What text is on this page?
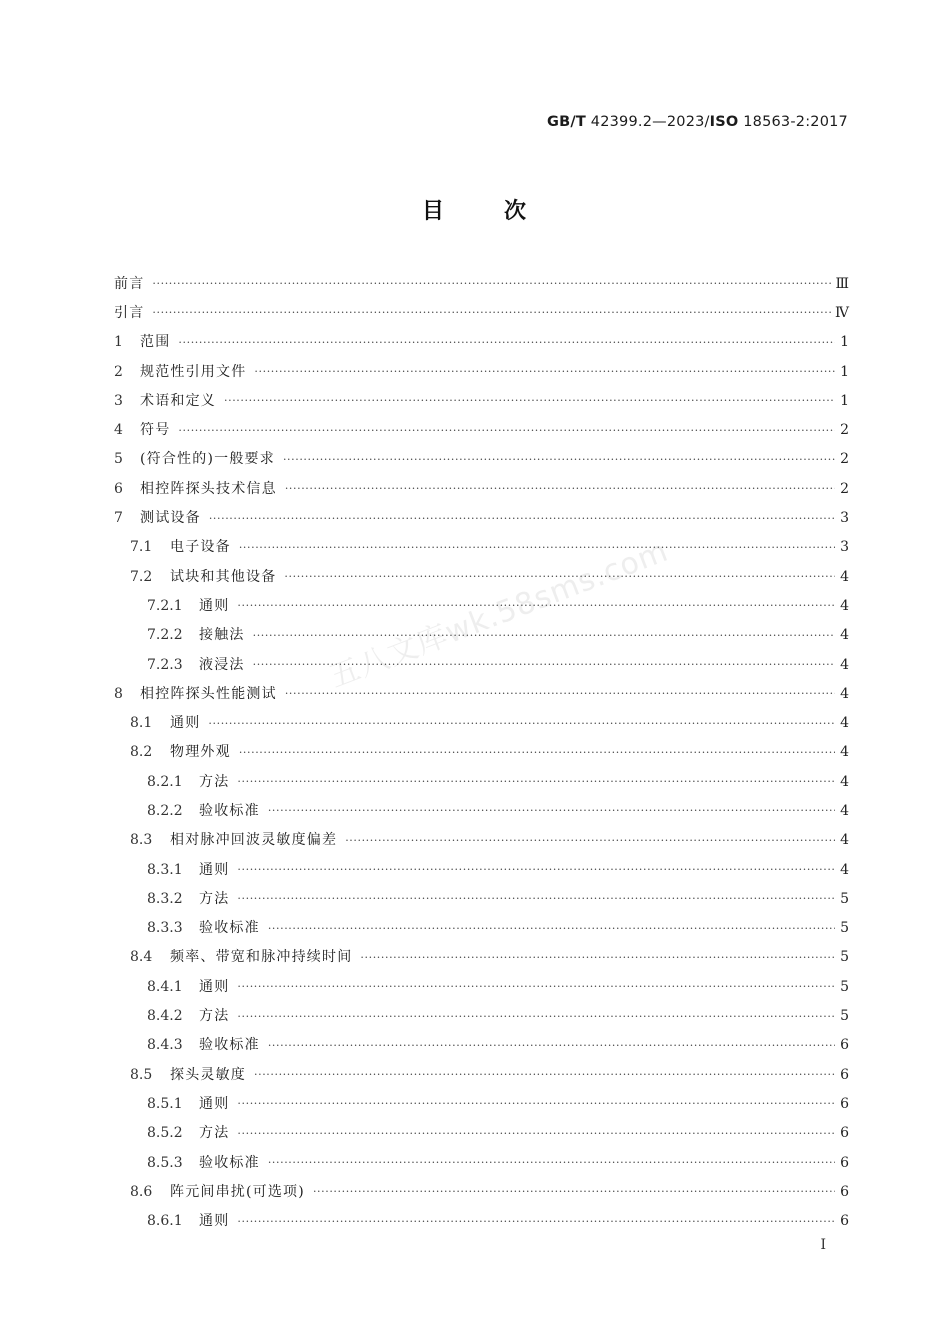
GB/T 42399.2—2023/ISO 18563-2:2017
目	次
前言 ·····	Ⅲ
引言 ·····	Ⅳ
1	范围 ·····	1
2	规范性引用文件 ·····	1
3	术语和定义 ·····	1
4	符号 ·····	2
5	(符合性的)一般要求 ·····	2
6	相控阵探头技术信息 ·····	2
7	测试设备 ·····	3
7.1	电子设备 ·····	3
7.2	试块和其他设备 ·····	4
7.2.1	通则 ·····	4
7.2.2	接触法 ·····	4
7.2.3	液浸法 ·····	4
8	相控阵探头性能测试 ·····	4
8.1	通则 ·····	4
8.2	物理外观 ·····	4
8.2.1	方法 ·····	4
8.2.2	验收标准 ·····	4
8.3	相对脉冲回波灵敏度偏差 ·····	4
8.3.1	通则 ·····	4
8.3.2	方法 ·····	5
8.3.3	验收标准 ·····	5
8.4	频率、带宽和脉冲持续时间 ·····	5
8.4.1	通则 ·····	5
8.4.2	方法 ·····	5
8.4.3	验收标准 ·····	6
8.5	探头灵敏度 ·····	6
8.5.1	通则 ·····	6
8.5.2	方法 ·····	6
8.5.3	验收标准 ·····	6
8.6	阵元间串扰(可选项) ·····	6
8.6.1	通则 ·····	6
五八文库wk.58sms.com
I
